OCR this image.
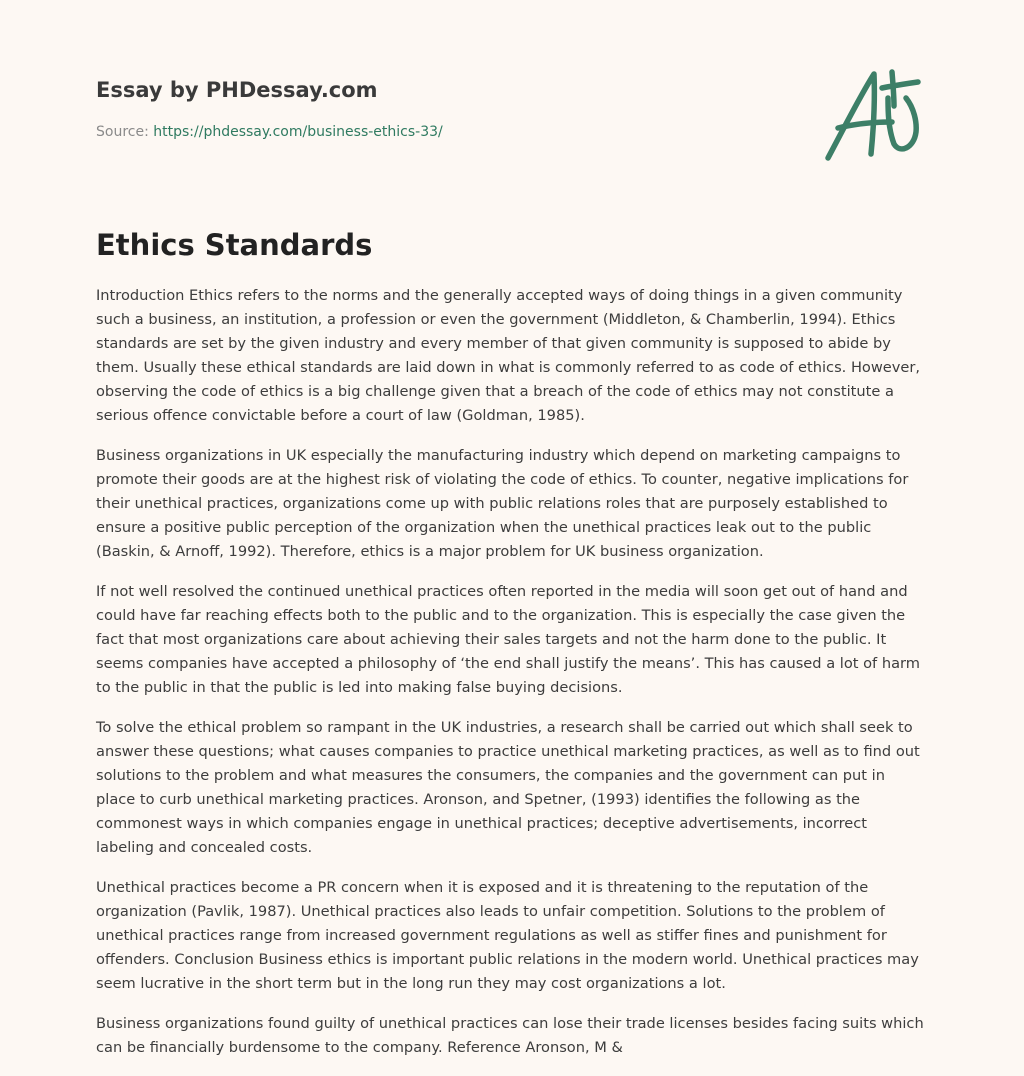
Essay by PHDessay.com
Source: https://phdessay.com/business-ethics-33/
Ethics Standards

Introduction Ethics refers to the norms and the generally accepted ways of doing things in a given community such a business, an institution, a profession or even the government (Middleton, & Chamberlin, 1994). Ethics standards are set by the given industry and every member of that given community is supposed to abide by them. Usually these ethical standards are laid down in what is commonly referred to as code of ethics. However, observing the code of ethics is a big challenge given that a breach of the code of ethics may not constitute a serious offence convictable before a court of law (Goldman, 1985).

Business organizations in UK especially the manufacturing industry which depend on marketing campaigns to promote their goods are at the highest risk of violating the code of ethics. To counter, negative implications for their unethical practices, organizations come up with public relations roles that are purposely established to ensure a positive public perception of the organization when the unethical practices leak out to the public (Baskin, & Arnoff, 1992). Therefore, ethics is a major problem for UK business organization.

If not well resolved the continued unethical practices often reported in the media will soon get out of hand and could have far reaching effects both to the public and to the organization. This is especially the case given the fact that most organizations care about achieving their sales targets and not the harm done to the public. It seems companies have accepted a philosophy of ‘the end shall justify the means’. This has caused a lot of harm to the public in that the public is led into making false buying decisions.

To solve the ethical problem so rampant in the UK industries, a research shall be carried out which shall seek to answer these questions; what causes companies to practice unethical marketing practices, as well as to find out solutions to the problem and what measures the consumers, the companies and the government can put in place to curb unethical marketing practices. Aronson, and Spetner, (1993) identifies the following as the commonest ways in which companies engage in unethical practices; deceptive advertisements, incorrect labeling and concealed costs.

Unethical practices become a PR concern when it is exposed and it is threatening to the reputation of the organization (Pavlik, 1987). Unethical practices also leads to unfair competition. Solutions to the problem of unethical practices range from increased government regulations as well as stiffer fines and punishment for offenders. Conclusion Business ethics is important public relations in the modern world. Unethical practices may seem lucrative in the short term but in the long run they may cost organizations a lot.

Business organizations found guilty of unethical practices can lose their trade licenses besides facing suits which can be financially burdensome to the company. Reference Aronson, M &
